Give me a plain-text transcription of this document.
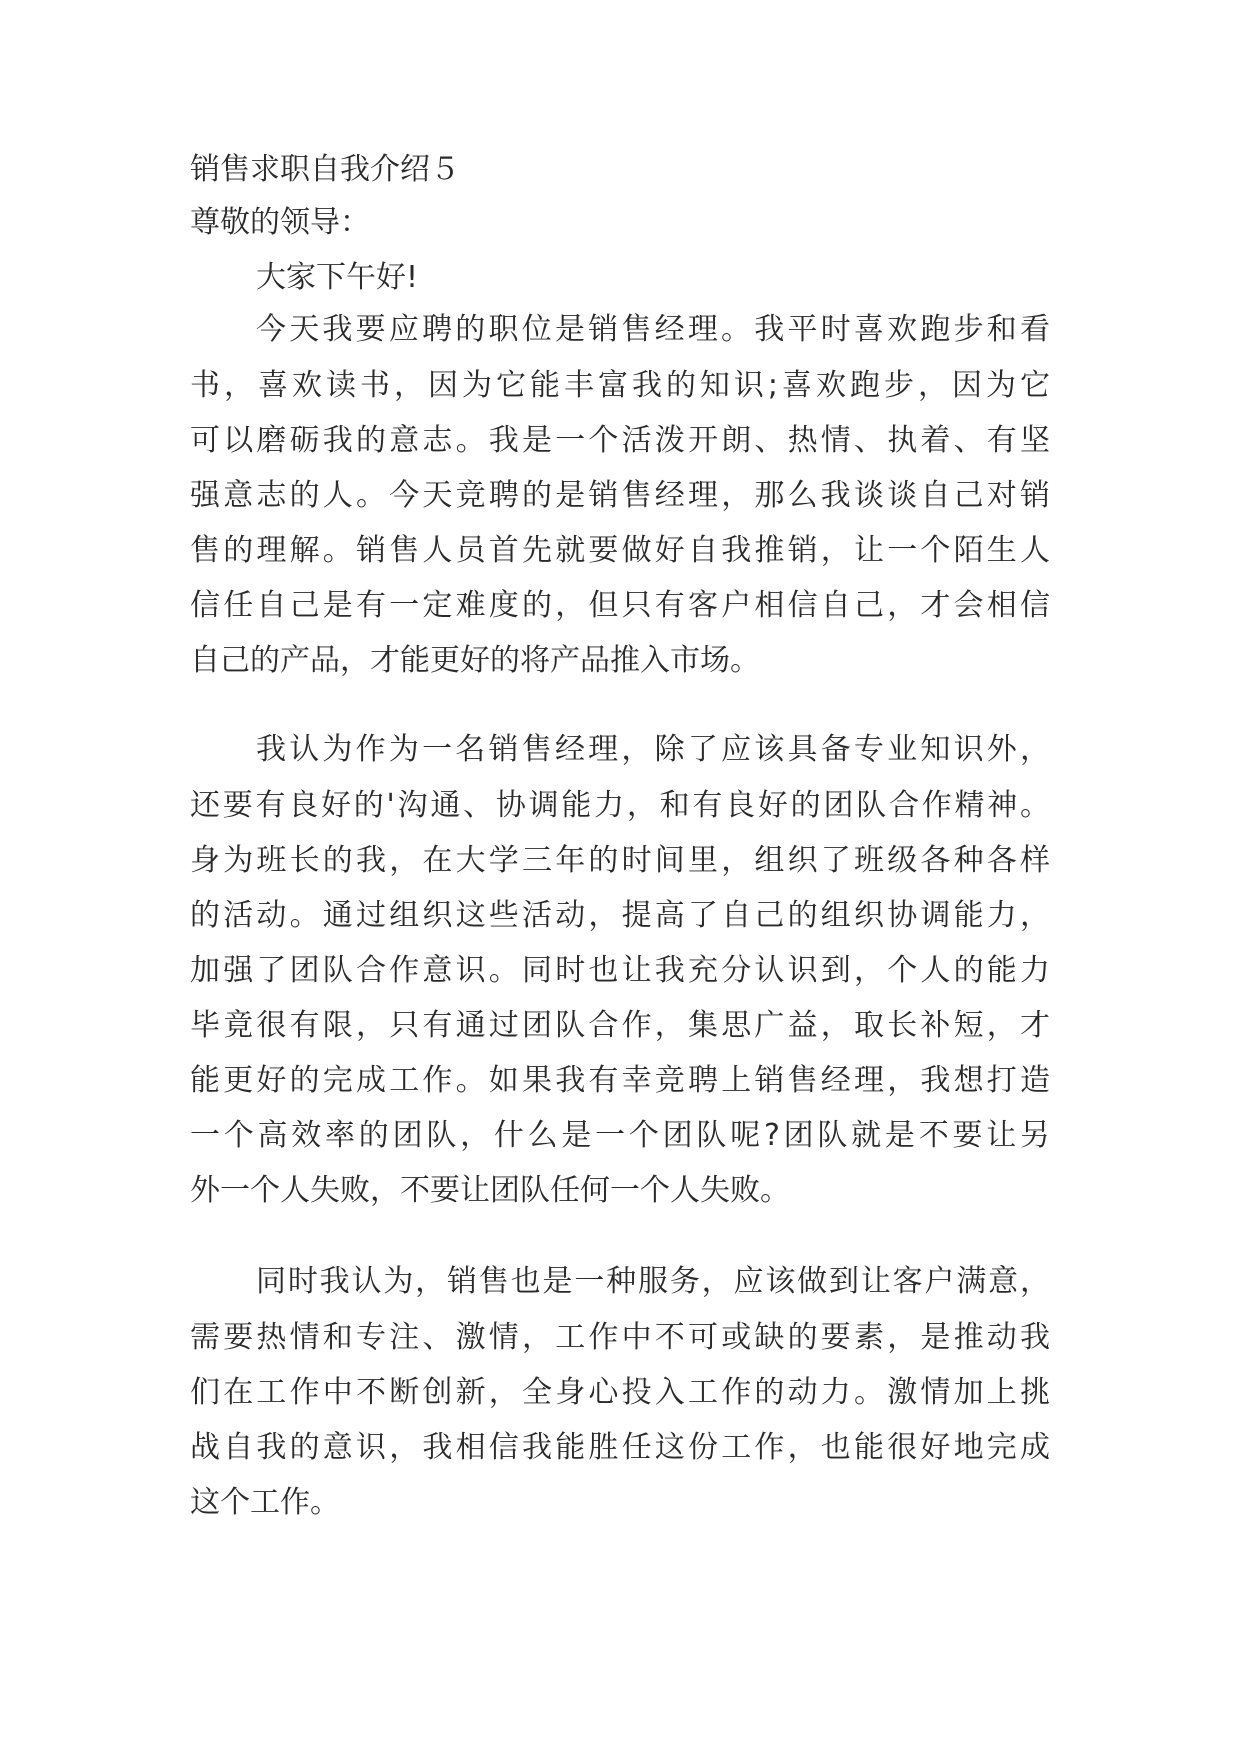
销售求职自我介绍５
尊敬的领导：
大家下午好!
今天我要应聘的职位是销售经理。我平时喜欢跑步和看
书，喜欢读书，因为它能丰富我的知识;喜欢跑步，因为它
可以磨砺我的意志。我是一个活泼开朗、热情、执着、有坚
强意志的人。今天竞聘的是销售经理，那么我谈谈自己对销
售的理解。销售人员首先就要做好自我推销，让一个陌生人
信任自己是有一定难度的，但只有客户相信自己，才会相信
自己的产品，才能更好的将产品推入市场。
我认为作为一名销售经理，除了应该具备专业知识外，
还要有良好的'沟通、协调能力，和有良好的团队合作精神。
身为班长的我，在大学三年的时间里，组织了班级各种各样
的活动。通过组织这些活动，提高了自己的组织协调能力，
加强了团队合作意识。同时也让我充分认识到，个人的能力
毕竟很有限，只有通过团队合作，集思广益，取长补短，才
能更好的完成工作。如果我有幸竞聘上销售经理，我想打造
一个高效率的团队，什么是一个团队呢?团队就是不要让另
外一个人失败，不要让团队任何一个人失败。
同时我认为，销售也是一种服务，应该做到让客户满意，
需要热情和专注、激情，工作中不可或缺的要素，是推动我
们在工作中不断创新，全身心投入工作的动力。激情加上挑
战自我的意识，我相信我能胜任这份工作，也能很好地完成
这个工作。
